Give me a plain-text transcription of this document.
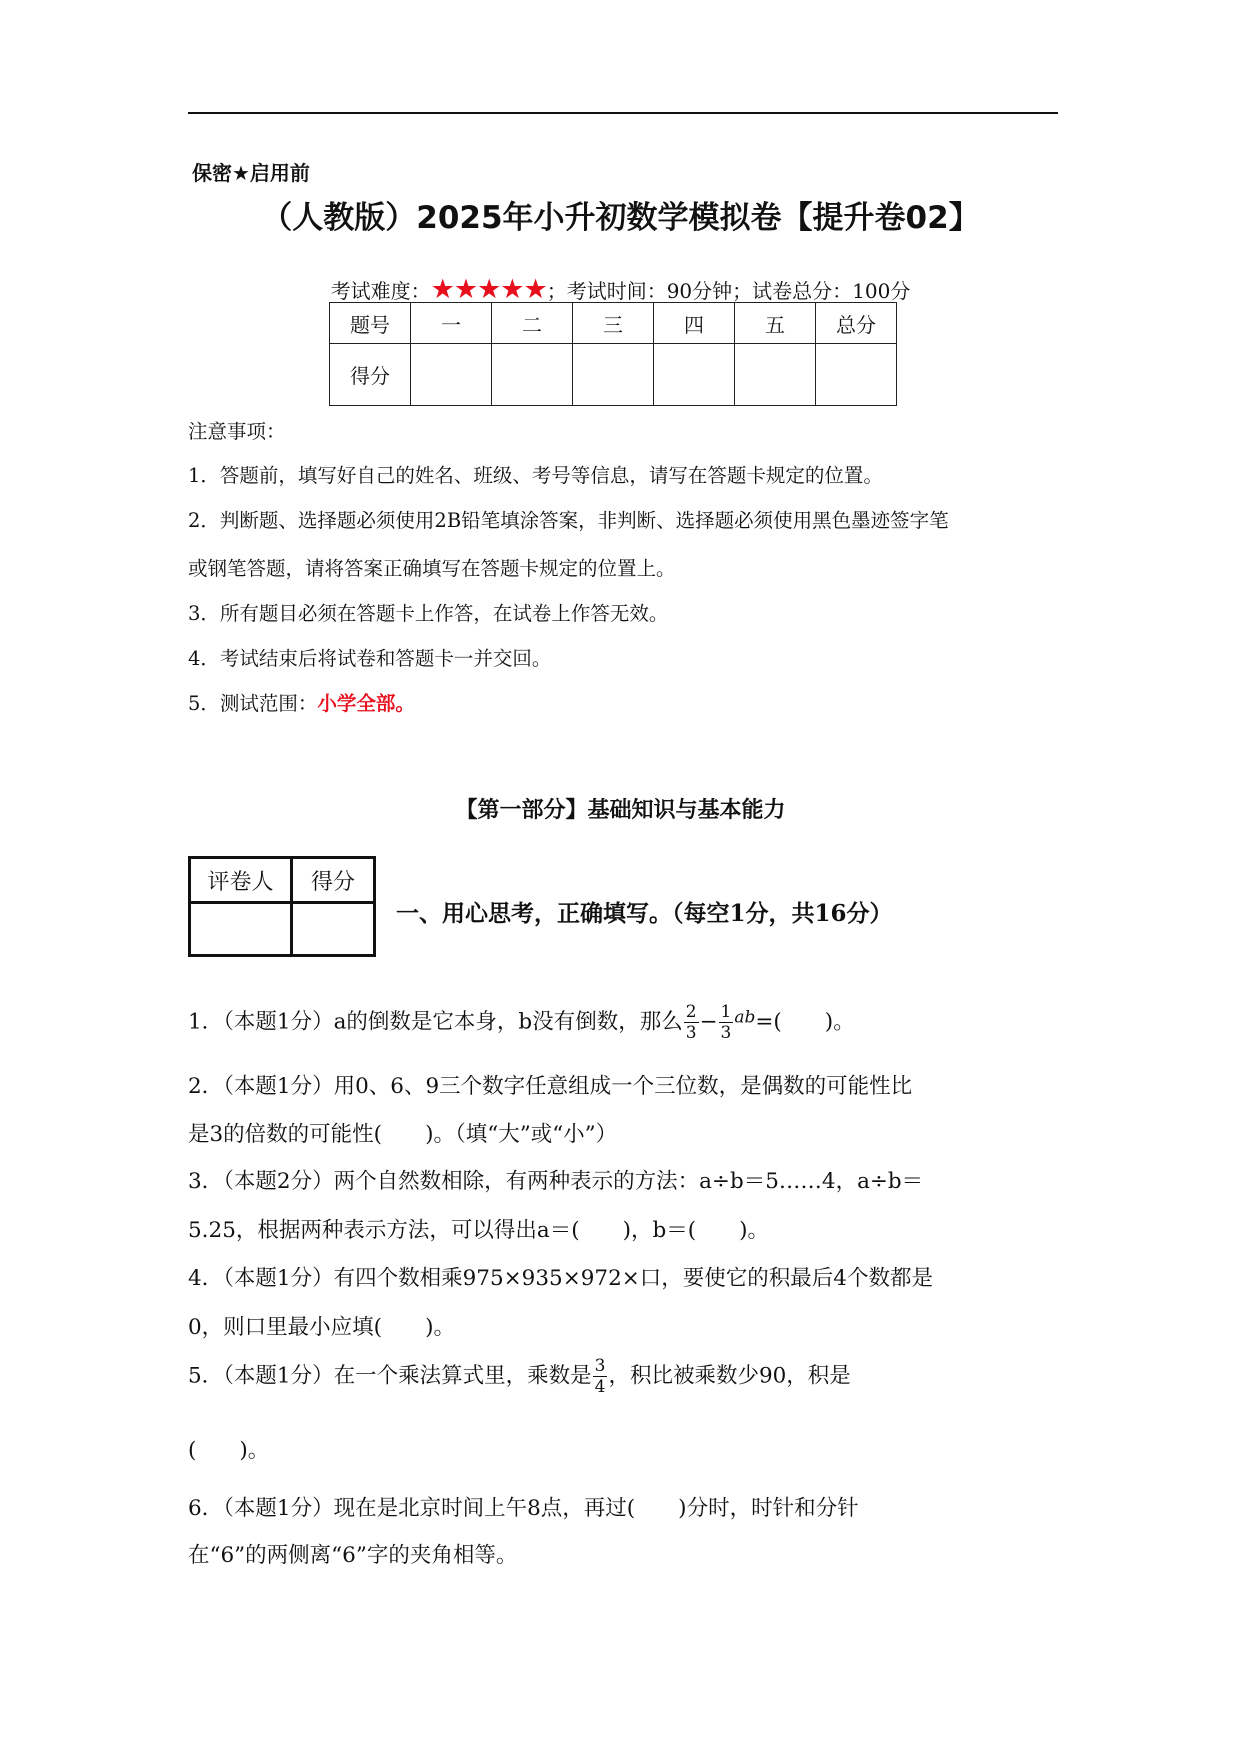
保密★启用前
（人教版）2025年小升初数学模拟卷【提升卷02】
考试难度：★★★★★；考试时间：90分钟；试卷总分：100分
题号	一	二	三	四	五	总分
得分						
注意事项：
1．答题前，填写好自己的姓名、班级、考号等信息，请写在答题卡规定的位置。
2．判断题、选择题必须使用2B铅笔填涂答案，非判断、选择题必须使用黑色墨迹签字笔
或钢笔答题，请将答案正确填写在答题卡规定的位置上。
3．所有题目必须在答题卡上作答，在试卷上作答无效。
4．考试结束后将试卷和答题卡一并交回。
5．测试范围：小学全部。
【第一部分】基础知识与基本能力
评卷人	得分

一、用心思考，正确填写。（每空1分，共16分）
1．（本题1分）a的倒数是它本身，b没有倒数，那么 $\frac{2}{3} - \frac{1}{3} ^{ab}=$(　　)。
2．（本题1分）用0、6、9三个数字任意组成一个三位数，是偶数的可能性比
是3的倍数的可能性(　　)。（填“大”或“小”）
3．（本题2分）两个自然数相除，有两种表示的方法：a÷b＝5……4，a÷b＝
5.25，根据两种表示方法，可以得出a＝(　　)，b＝(　　)。
4．（本题1分）有四个数相乘975×935×972×口，要使它的积最后4个数都是
0，则口里最小应填(　　)。
5．（本题1分）在一个乘法算式里，乘数是 $\frac{3}{4}$ ，积比被乘数少90，积是
(　　)。
6．（本题1分）现在是北京时间上午8点，再过(　　)分时，时针和分针
在“6”的两侧离“6”字的夹角相等。
